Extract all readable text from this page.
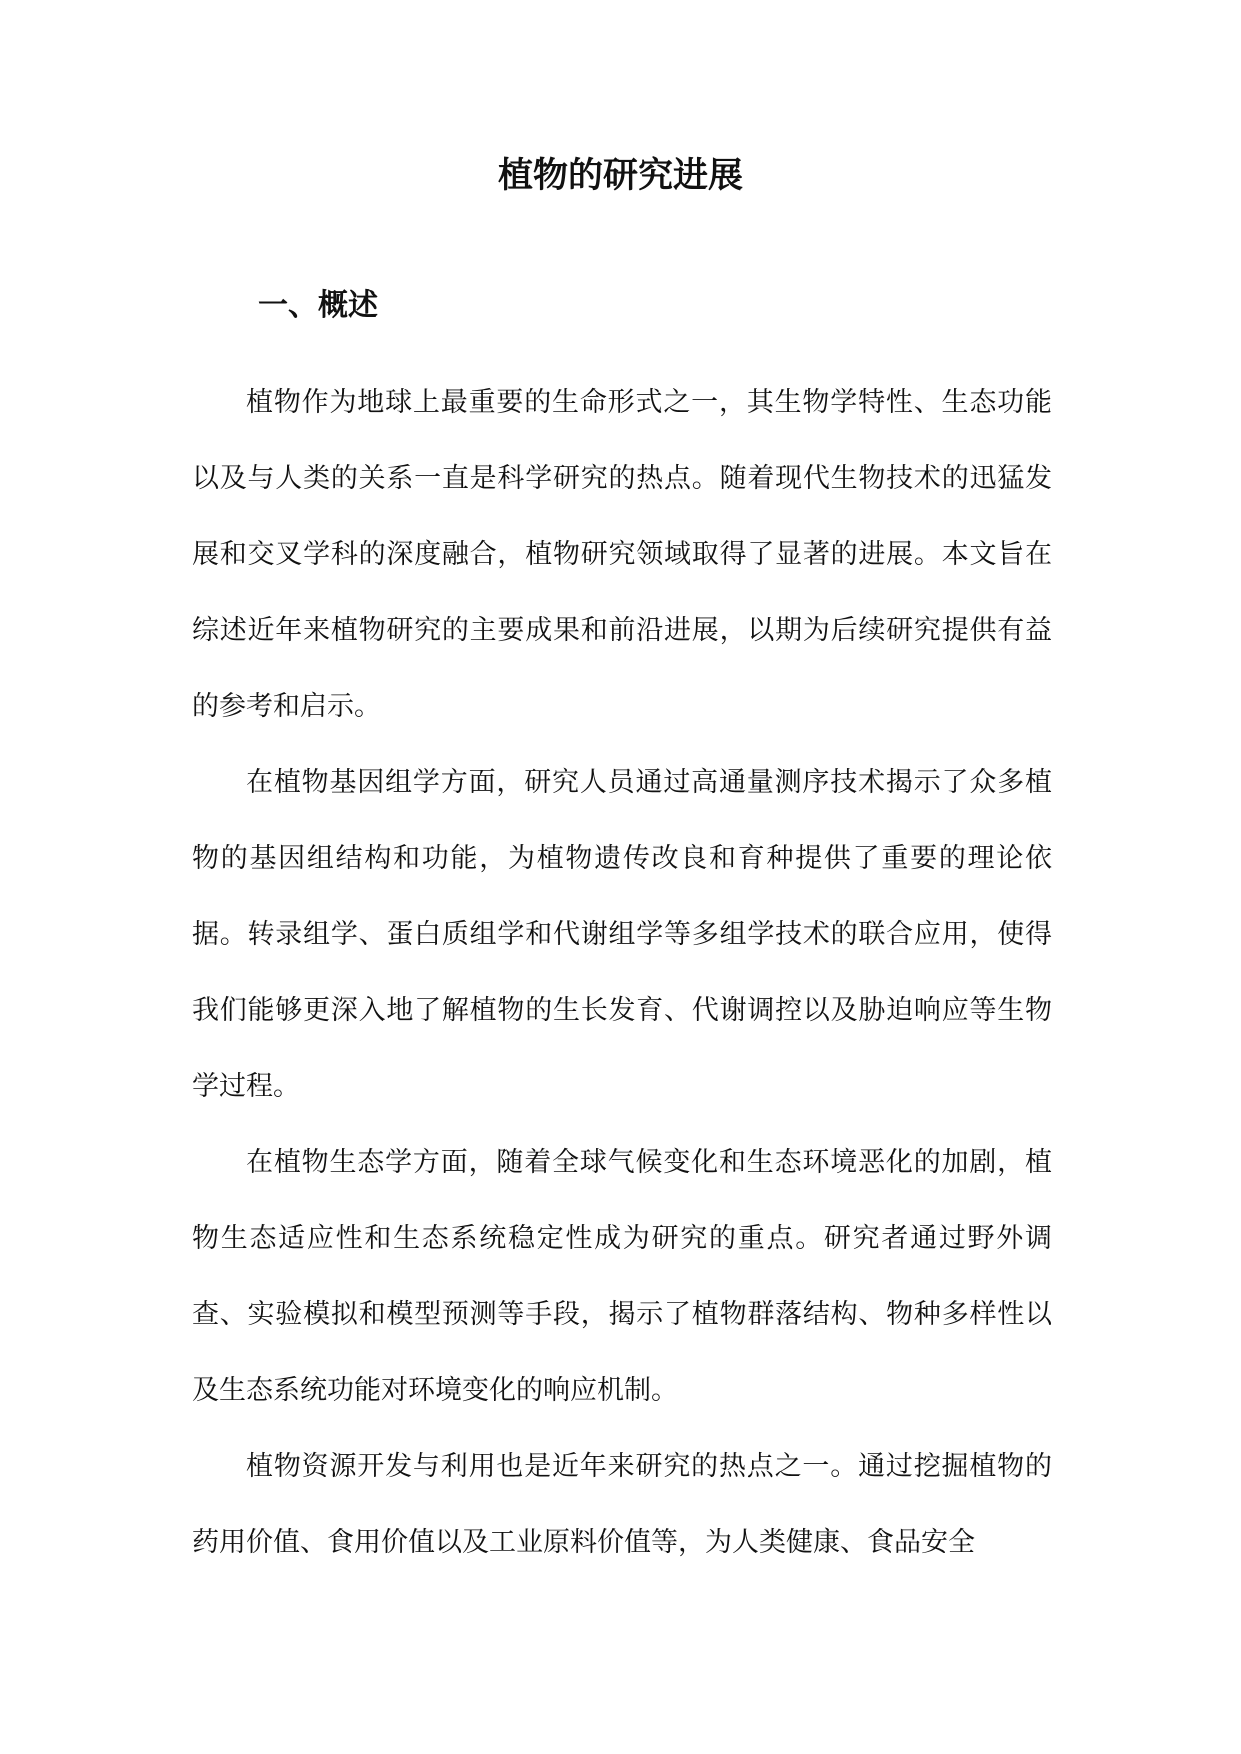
植物的研究进展
一、概述

植物作为地球上最重要的生命形式之一，其生物学特性、生态功能以及与人类的关系一直是科学研究的热点。随着现代生物技术的迅猛发展和交叉学科的深度融合，植物研究领域取得了显著的进展。本文旨在综述近年来植物研究的主要成果和前沿进展，以期为后续研究提供有益的参考和启示。

在植物基因组学方面，研究人员通过高通量测序技术揭示了众多植物的基因组结构和功能，为植物遗传改良和育种提供了重要的理论依据。转录组学、蛋白质组学和代谢组学等多组学技术的联合应用，使得我们能够更深入地了解植物的生长发育、代谢调控以及胁迫响应等生物学过程。

在植物生态学方面，随着全球气候变化和生态环境恶化的加剧，植物生态适应性和生态系统稳定性成为研究的重点。研究者通过野外调查、实验模拟和模型预测等手段，揭示了植物群落结构、物种多样性以及生态系统功能对环境变化的响应机制。

植物资源开发与利用也是近年来研究的热点之一。通过挖掘植物的药用价值、食用价值以及工业原料价值等，为人类健康、食品安全
